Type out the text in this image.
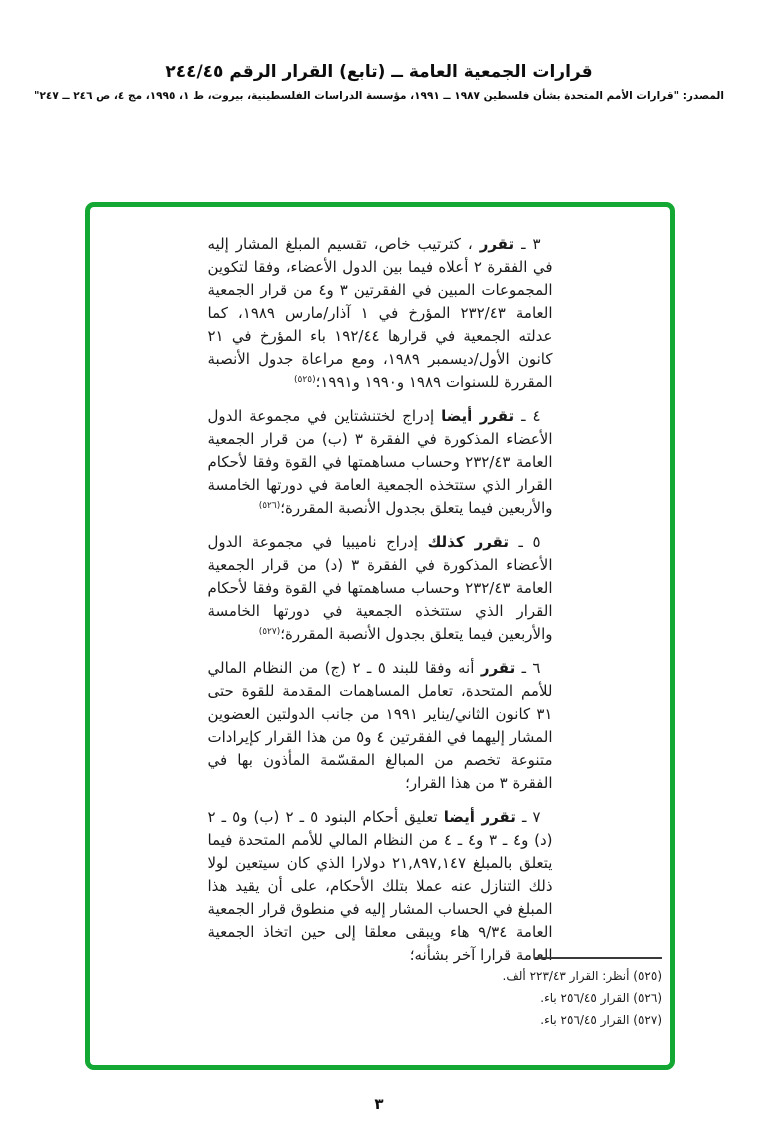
قرارات الجمعية العامة ــ (تابع) القرار الرقم ٢٤٤/٤٥
المصدر: "قرارات الأمم المتحدة بشأن فلسطين ١٩٨٧ ــ ١٩٩١، مؤسسة الدراسات الفلسطينية، بيروت، ط ١، ١٩٩٥، مج ٤، ص ٢٤٦ ــ ٢٤٧"

٣ ـ تقرر ، كترتيب خاص، تقسيم المبلغ المشار إليه في الفقرة ٢ أعلاه فيما بين الدول الأعضاء، وفقا لتكوين المجموعات المبين في الفقرتين ٣ و٤ من قرار الجمعية العامة ٢٣٢/٤٣ المؤرخ في ١ آذار/مارس ١٩٨٩، كما عدلته الجمعية في قرارها ١٩٢/٤٤ باء المؤرخ في ٢١ كانون الأول/ديسمبر ١٩٨٩، ومع مراعاة جدول الأنصبة المقررة للسنوات ١٩٨٩ و١٩٩٠ و١٩٩١؛$^{(٥٢٥)}$

٤ ـ تقرر أيضا إدراج لختنشتاين في مجموعة الدول الأعضاء المذكورة في الفقرة ٣ (ب) من قرار الجمعية العامة ٢٣٢/٤٣ وحساب مساهمتها في القوة وفقا لأحكام القرار الذي ستتخذه الجمعية العامة في دورتها الخامسة والأربعين فيما يتعلق بجدول الأنصبة المقررة؛$^{(٥٢٦)}$

٥ ـ تقرر كذلك إدراج ناميبيا في مجموعة الدول الأعضاء المذكورة في الفقرة ٣ (د) من قرار الجمعية العامة ٢٣٢/٤٣ وحساب مساهمتها في القوة وفقا لأحكام القرار الذي ستتخذه الجمعية في دورتها الخامسة والأربعين فيما يتعلق بجدول الأنصبة المقررة؛$^{(٥٢٧)}$

٦ ـ تقرر أنه وفقا للبند ٥ ـ ٢ (ج) من النظام المالي للأمم المتحدة، تعامل المساهمات المقدمة للقوة حتى ٣١ كانون الثاني/يناير ١٩٩١ من جانب الدولتين العضوين المشار إليهما في الفقرتين ٤ و٥ من هذا القرار كإيرادات متنوعة تخصم من المبالغ المقسّمة المأذون بها في الفقرة ٣ من هذا القرار؛

٧ ـ تقرر أيضا تعليق أحكام البنود ٥ ـ ٢ (ب) و٥ ـ ٢ (د) و٤ ـ ٣ و٤ ـ ٤ من النظام المالي للأمم المتحدة فيما يتعلق بالمبلغ ٢١,٨٩٧,١٤٧ دولارا الذي كان سيتعين لولا ذلك التنازل عنه عملا بتلك الأحكام، على أن يقيد هذا المبلغ في الحساب المشار إليه في منطوق قرار الجمعية العامة ٩/٣٤ هاء ويبقى معلقا إلى حين اتخاذ الجمعية العامة قرارا آخر بشأنه؛

(٥٢٥) أنظر: القرار ٢٢٣/٤٣ ألف.
(٥٢٦) القرار ٢٥٦/٤٥ باء.
(٥٢٧) القرار ٢٥٦/٤٥ باء.
٣
